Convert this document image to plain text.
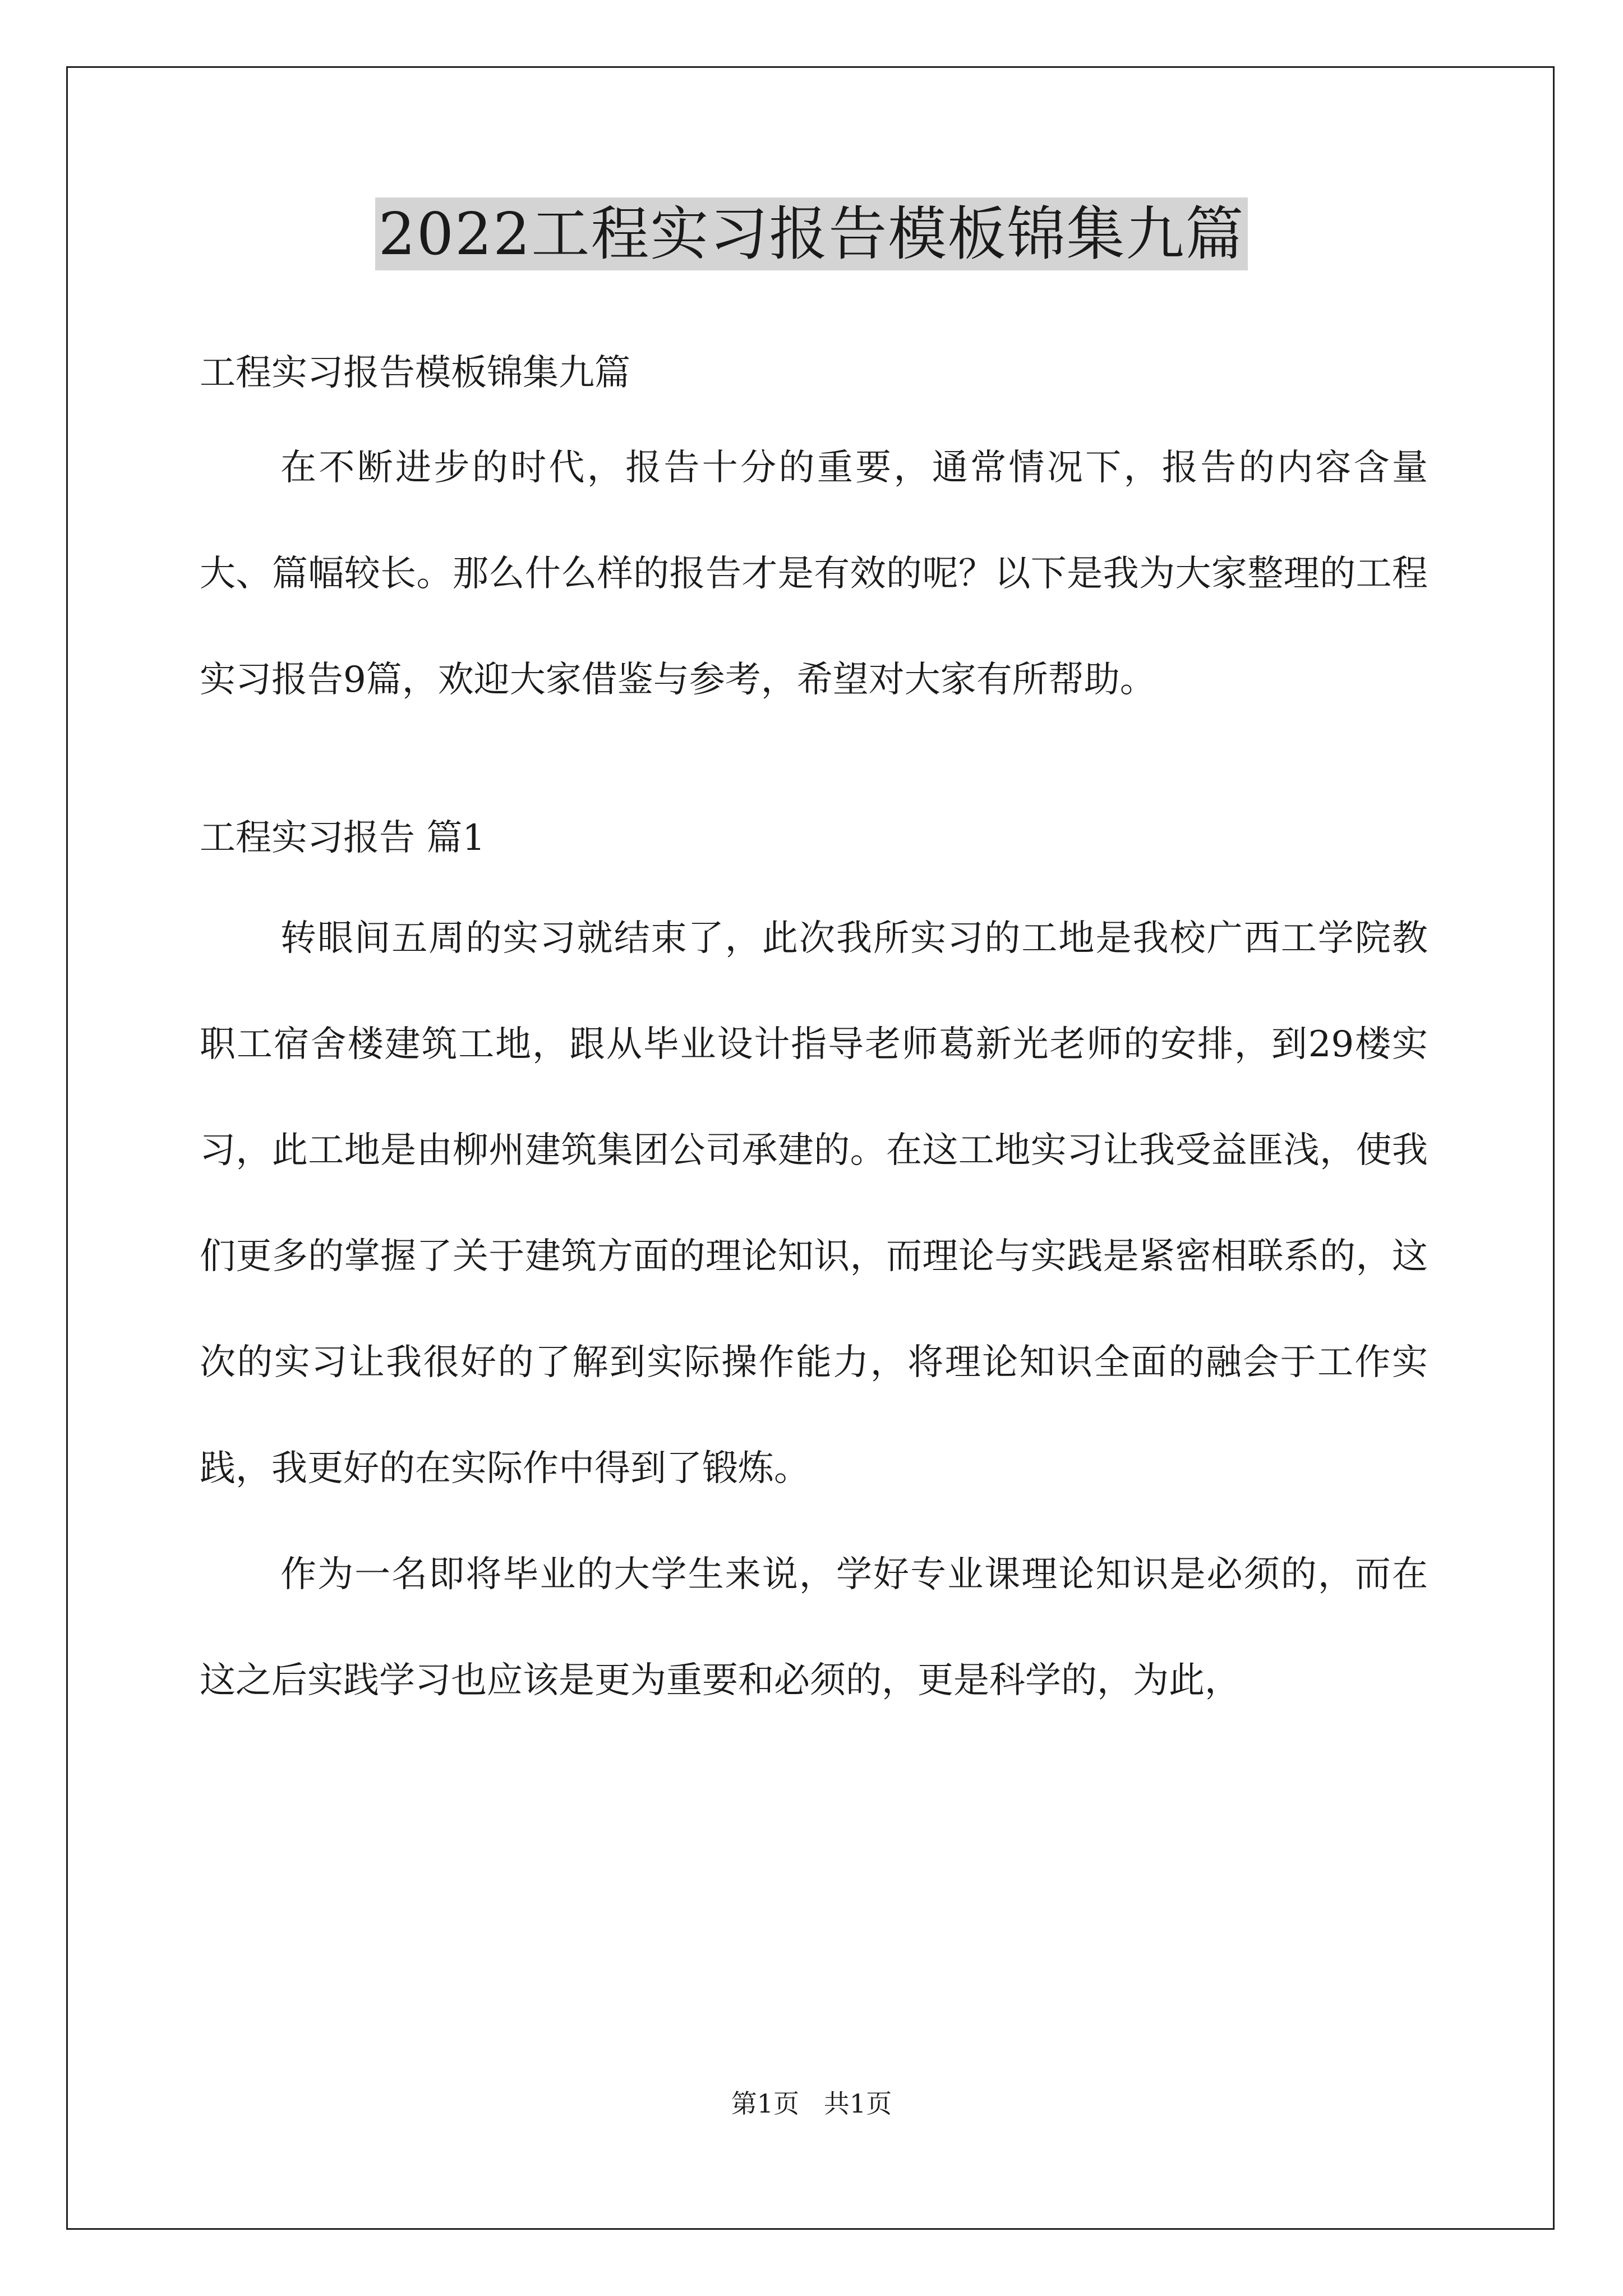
2022工程实习报告模板锦集九篇

工程实习报告模板锦集九篇

在不断进步的时代，报告十分的重要，通常情况下，报告的内容含量大、篇幅较长。那么什么样的报告才是有效的呢？以下是我为大家整理的工程实习报告9篇，欢迎大家借鉴与参考，希望对大家有所帮助。

工程实习报告 篇1

转眼间五周的实习就结束了，此次我所实习的工地是我校广西工学院教职工宿舍楼建筑工地，跟从毕业设计指导老师葛新光老师的安排，到29楼实习，此工地是由柳州建筑集团公司承建的。在这工地实习让我受益匪浅，使我们更多的掌握了关于建筑方面的理论知识，而理论与实践是紧密相联系的，这次的实习让我很好的了解到实际操作能力，将理论知识全面的融会于工作实践，我更好的在实际作中得到了锻炼。

作为一名即将毕业的大学生来说，学好专业课理论知识是必须的，而在这之后实践学习也应该是更为重要和必须的，更是科学的，为此，

第1页   共1页
